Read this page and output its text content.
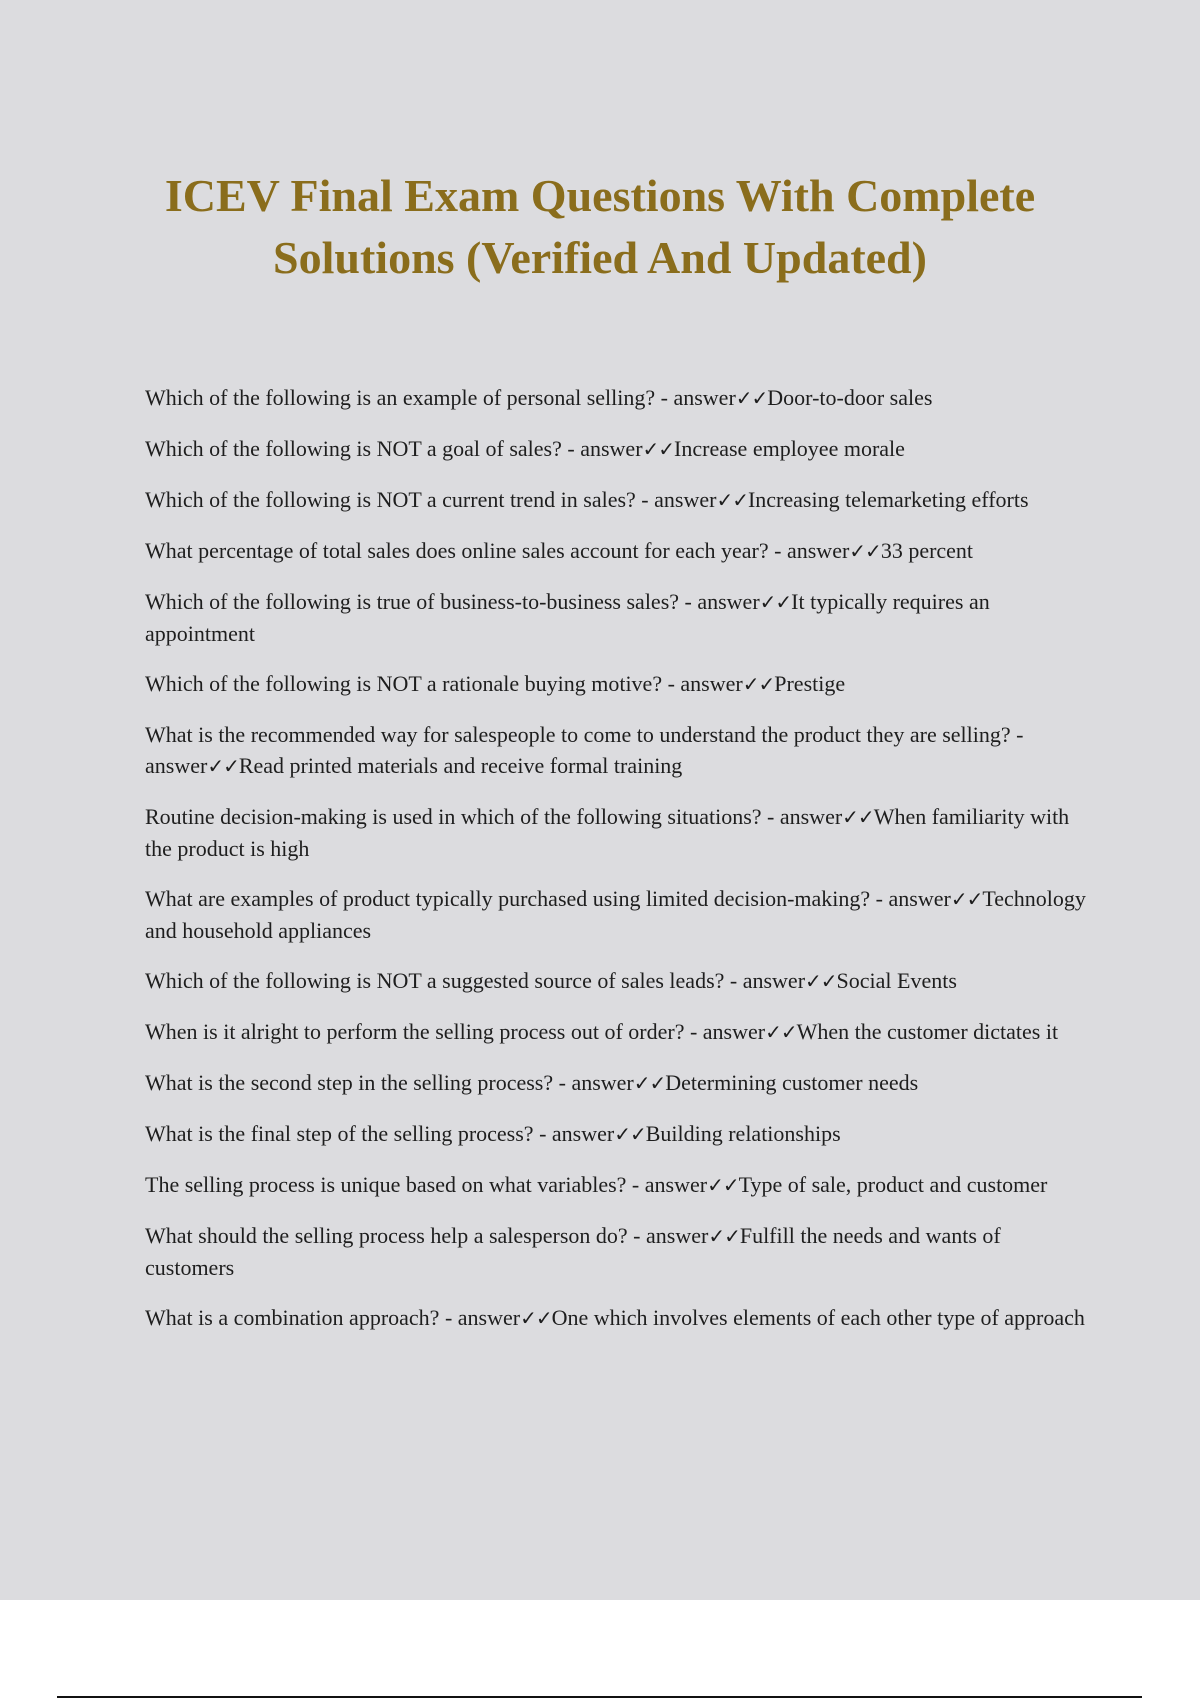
ICEV Final Exam Questions With Complete Solutions (Verified And Updated)
Which of the following is an example of personal selling? - answer✓✓Door-to-door sales
Which of the following is NOT a goal of sales? - answer✓✓Increase employee morale
Which of the following is NOT a current trend in sales? - answer✓✓Increasing telemarketing efforts
What percentage of total sales does online sales account for each year? - answer✓✓33 percent
Which of the following is true of business-to-business sales? - answer✓✓It typically requires an appointment
Which of the following is NOT a rationale buying motive? - answer✓✓Prestige
What is the recommended way for salespeople to come to understand the product they are selling? - answer✓✓Read printed materials and receive formal training
Routine decision-making is used in which of the following situations? - answer✓✓When familiarity with the product is high
What are examples of product typically purchased using limited decision-making? - answer✓✓Technology and household appliances
Which of the following is NOT a suggested source of sales leads? - answer✓✓Social Events
When is it alright to perform the selling process out of order? - answer✓✓When the customer dictates it
What is the second step in the selling process? - answer✓✓Determining customer needs
What is the final step of the selling process? - answer✓✓Building relationships
The selling process is unique based on what variables? - answer✓✓Type of sale, product and customer
What should the selling process help a salesperson do? - answer✓✓Fulfill the needs and wants of customers
What is a combination approach? - answer✓✓One which involves elements of each other type of approach
